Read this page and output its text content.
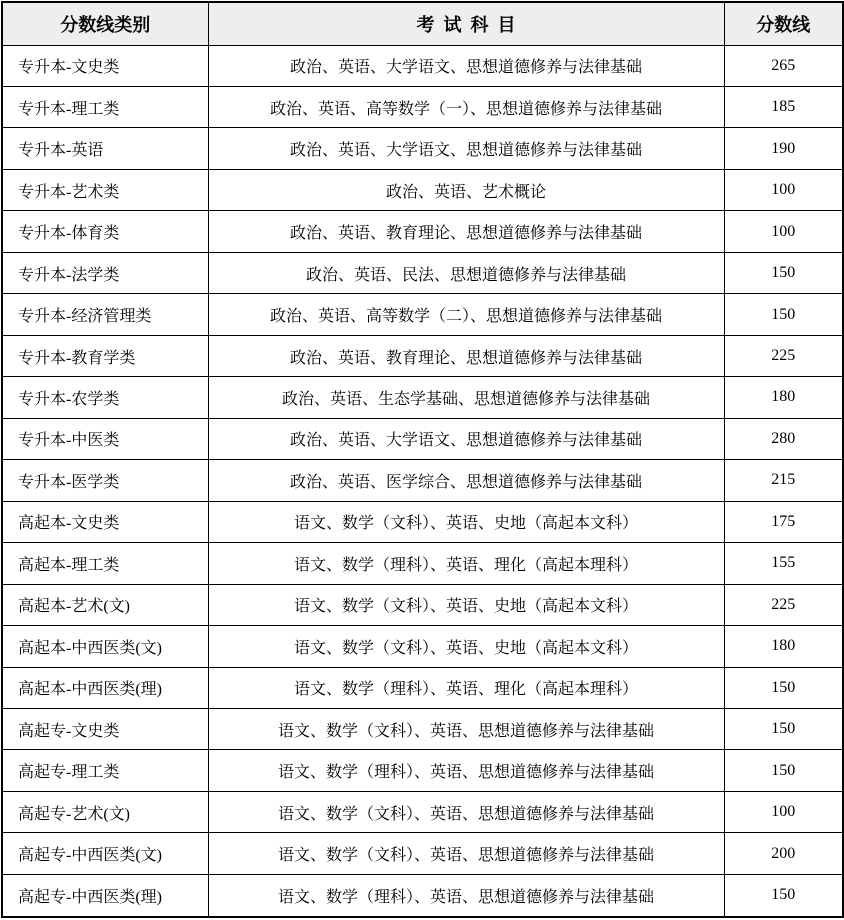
分数线类别	考 试 科 目	分数线
专升本-文史类	政治、英语、大学语文、思想道德修养与法律基础	265
专升本-理工类	政治、英语、高等数学（一）、思想道德修养与法律基础	185
专升本-英语	政治、英语、大学语文、思想道德修养与法律基础	190
专升本-艺术类	政治、英语、艺术概论	100
专升本-体育类	政治、英语、教育理论、思想道德修养与法律基础	100
专升本-法学类	政治、英语、民法、思想道德修养与法律基础	150
专升本-经济管理类	政治、英语、高等数学（二）、思想道德修养与法律基础	150
专升本-教育学类	政治、英语、教育理论、思想道德修养与法律基础	225
专升本-农学类	政治、英语、生态学基础、思想道德修养与法律基础	180
专升本-中医类	政治、英语、大学语文、思想道德修养与法律基础	280
专升本-医学类	政治、英语、医学综合、思想道德修养与法律基础	215
高起本-文史类	语文、数学（文科）、英语、史地（高起本文科）	175
高起本-理工类	语文、数学（理科）、英语、理化（高起本理科）	155
高起本-艺术(文)	语文、数学（文科）、英语、史地（高起本文科）	225
高起本-中西医类(文)	语文、数学（文科）、英语、史地（高起本文科）	180
高起本-中西医类(理)	语文、数学（理科）、英语、理化（高起本理科）	150
高起专-文史类	语文、数学（文科）、英语、思想道德修养与法律基础	150
高起专-理工类	语文、数学（理科）、英语、思想道德修养与法律基础	150
高起专-艺术(文)	语文、数学（文科）、英语、思想道德修养与法律基础	100
高起专-中西医类(文)	语文、数学（文科）、英语、思想道德修养与法律基础	200
高起专-中西医类(理)	语文、数学（理科）、英语、思想道德修养与法律基础	150
